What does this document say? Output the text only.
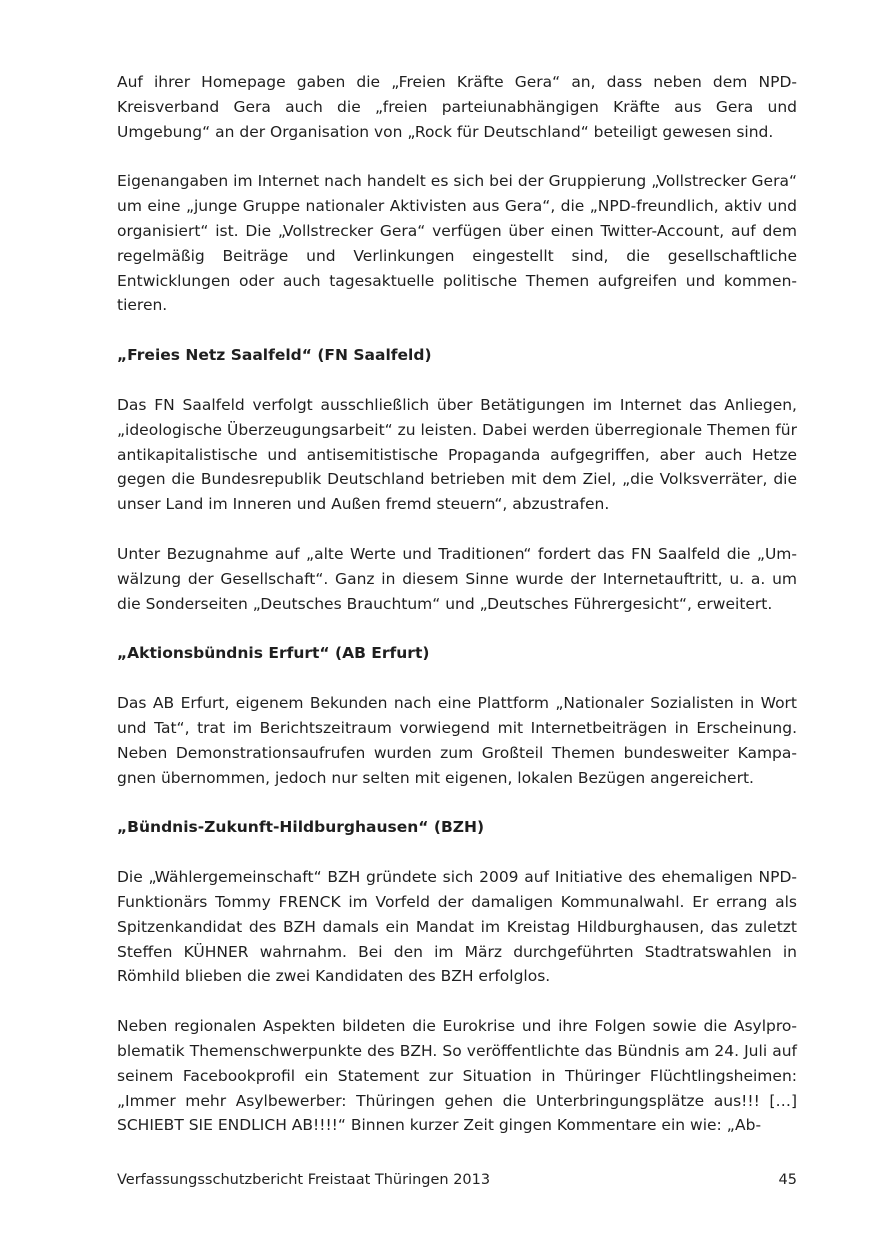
Auf ihrer Homepage gaben die „Freien Kräfte Gera“ an, dass neben dem NPD-Kreisverband Gera auch die „freien parteiunabhängigen Kräfte aus Gera und Umgebung“ an der Organisation von „Rock für Deutschland“ beteiligt gewesen sind.

Eigenangaben im Internet nach handelt es sich bei der Gruppierung „Vollstrecker Gera“ um eine „junge Gruppe nationaler Aktivisten aus Gera“, die „NPD-freundlich, aktiv und organisiert“ ist. Die „Vollstrecker Gera“ verfügen über einen Twitter-Account, auf dem regelmäßig Beiträge und Verlinkungen eingestellt sind, die gesellschaftliche Entwicklungen oder auch tagesaktuelle politische Themen aufgreifen und kommentieren.

„Freies Netz Saalfeld“ (FN Saalfeld)

Das FN Saalfeld verfolgt ausschließlich über Betätigungen im Internet das Anliegen, „ideologische Überzeugungsarbeit“ zu leisten. Dabei werden überregionale Themen für antikapitalistische und antisemitistische Propaganda aufgegriffen, aber auch Hetze gegen die Bundesrepublik Deutschland betrieben mit dem Ziel, „die Volksverräter, die unser Land im Inneren und Außen fremd steuern“, abzustrafen.

Unter Bezugnahme auf „alte Werte und Traditionen“ fordert das FN Saalfeld die „Umwälzung der Gesellschaft“. Ganz in diesem Sinne wurde der Internetauftritt, u. a. um die Sonderseiten „Deutsches Brauchtum“ und „Deutsches Führergesicht“, erweitert.

„Aktionsbündnis Erfurt“ (AB Erfurt)

Das AB Erfurt, eigenem Bekunden nach eine Plattform „Nationaler Sozialisten in Wort und Tat“, trat im Berichtszeitraum vorwiegend mit Internetbeiträgen in Erscheinung. Neben Demonstrationsaufrufen wurden zum Großteil Themen bundesweiter Kampagnen übernommen, jedoch nur selten mit eigenen, lokalen Bezügen angereichert.

„Bündnis-Zukunft-Hildburghausen“ (BZH)

Die „Wählergemeinschaft“ BZH gründete sich 2009 auf Initiative des ehemaligen NPD-Funktionärs Tommy FRENCK im Vorfeld der damaligen Kommunalwahl. Er errang als Spitzenkandidat des BZH damals ein Mandat im Kreistag Hildburghausen, das zuletzt Steffen KÜHNER wahrnahm. Bei den im März durchgeführten Stadtratswahlen in Römhild blieben die zwei Kandidaten des BZH erfolglos.

Neben regionalen Aspekten bildeten die Eurokrise und ihre Folgen sowie die Asylproblematik Themenschwerpunkte des BZH. So veröffentlichte das Bündnis am 24. Juli auf seinem Facebookprofil ein Statement zur Situation in Thüringer Flüchtlingsheimen: „Immer mehr Asylbewerber: Thüringen gehen die Unterbringungsplätze aus!!! […] SCHIEBT SIE ENDLICH AB!!!!“ Binnen kurzer Zeit gingen Kommentare ein wie: „Ab-

Verfassungsschutzbericht Freistaat Thüringen 2013	45
